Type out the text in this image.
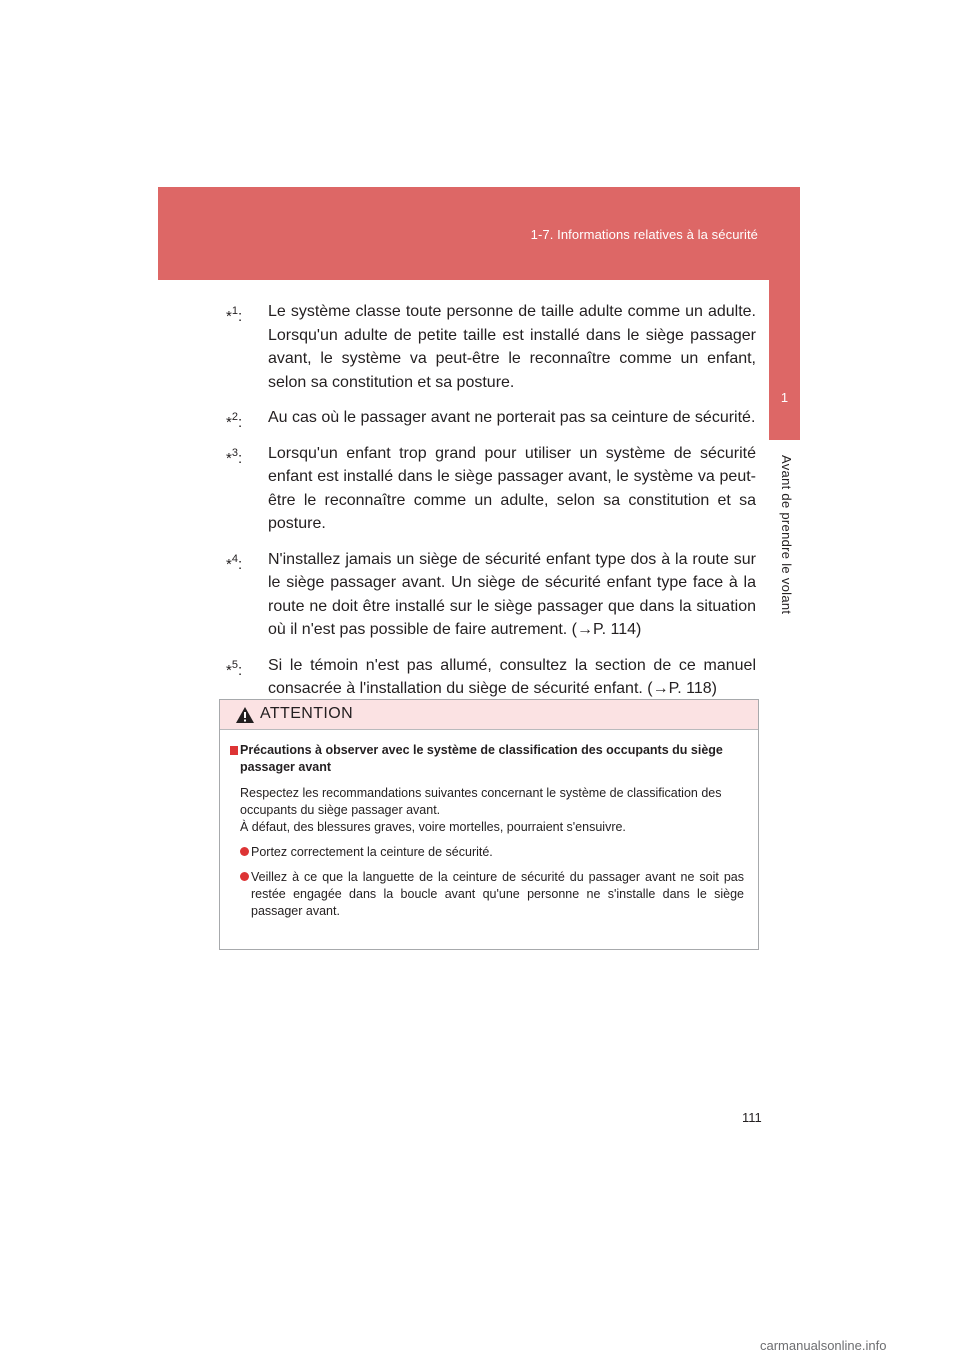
1-7. Informations relatives à la sécurité
1
Avant de prendre le volant
*$^1$: Le système classe toute personne de taille adulte comme un adulte. Lorsqu'un adulte de petite taille est installé dans le siège passager avant, le système va peut-être le reconnaître comme un enfant, selon sa constitution et sa posture.
*$^2$: Au cas où le passager avant ne porterait pas sa ceinture de sécurité.
*$^3$: Lorsqu'un enfant trop grand pour utiliser un système de sécurité enfant est installé dans le siège passager avant, le système va peut-être le reconnaître comme un adulte, selon sa constitution et sa posture.
*$^4$: N'installez jamais un siège de sécurité enfant type dos à la route sur le siège passager avant. Un siège de sécurité enfant type face à la route ne doit être installé sur le siège passager que dans la situation où il n'est pas possible de faire autrement. (→P. 114)
*$^5$: Si le témoin n'est pas allumé, consultez la section de ce manuel consacrée à l'installation du siège de sécurité enfant. (→P. 118)
ATTENTION
Précautions à observer avec le système de classification des occupants du siège passager avant
Respectez les recommandations suivantes concernant le système de classification des occupants du siège passager avant.
À défaut, des blessures graves, voire mortelles, pourraient s'ensuivre.
Portez correctement la ceinture de sécurité.
Veillez à ce que la languette de la ceinture de sécurité du passager avant ne soit pas restée engagée dans la boucle avant qu'une personne ne s'installe dans le siège passager avant.
111
carmanualsonline.info
